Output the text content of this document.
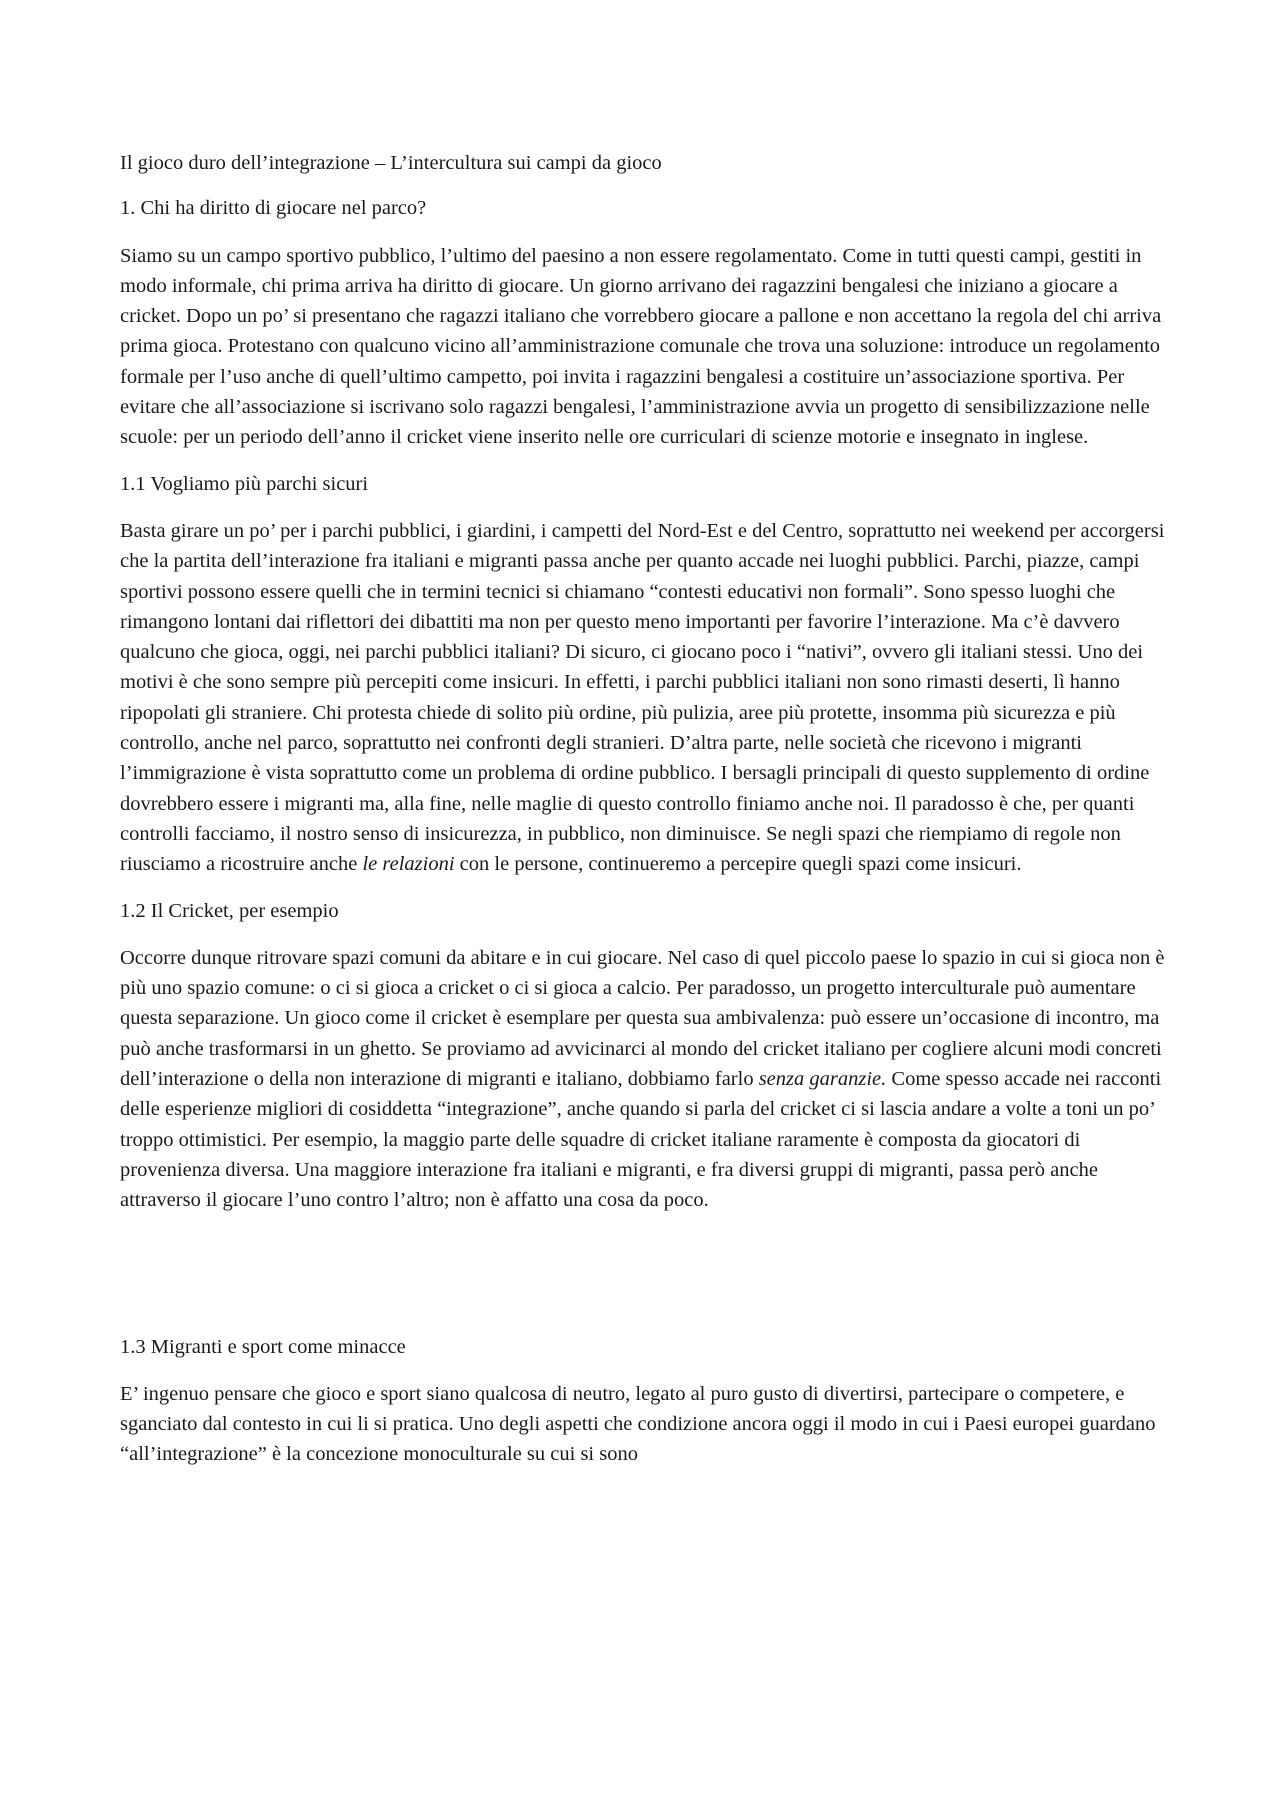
Il gioco duro dell’integrazione – L’intercultura sui campi da gioco

1. Chi ha diritto di giocare nel parco?

Siamo su un campo sportivo pubblico, l’ultimo del paesino a non essere regolamentato. Come in tutti questi campi, gestiti in modo informale, chi prima arriva ha diritto di giocare. Un giorno arrivano dei ragazzini bengalesi che iniziano a giocare a cricket. Dopo un po’ si presentano che ragazzi italiano che vorrebbero giocare a pallone e non accettano la regola del chi arriva prima gioca. Protestano con qualcuno vicino all’amministrazione comunale che trova una soluzione: introduce un regolamento formale per l’uso anche di quell’ultimo campetto, poi invita i ragazzini bengalesi a costituire un’associazione sportiva. Per evitare che all’associazione si iscrivano solo ragazzi bengalesi, l’amministrazione avvia un progetto di sensibilizzazione nelle scuole: per un periodo dell’anno il cricket viene inserito nelle ore curriculari di scienze motorie e insegnato in inglese.

1.1 Vogliamo più parchi sicuri

Basta girare un po’ per i parchi pubblici, i giardini, i campetti del Nord-Est e del Centro, soprattutto nei weekend per accorgersi che la partita dell’interazione fra italiani e migranti passa anche per quanto accade nei luoghi pubblici. Parchi, piazze, campi sportivi possono essere quelli che in termini tecnici si chiamano “contesti educativi non formali”. Sono spesso luoghi che rimangono lontani dai riflettori dei dibattiti ma non per questo meno importanti per favorire l’interazione. Ma c’è davvero qualcuno che gioca, oggi, nei parchi pubblici italiani? Di sicuro, ci giocano poco i “nativi”, ovvero gli italiani stessi. Uno dei motivi è che sono sempre più percepiti come insicuri. In effetti, i parchi pubblici italiani non sono rimasti deserti, lì hanno ripopolati gli straniere. Chi protesta chiede di solito più ordine, più pulizia, aree più protette, insomma più sicurezza e più controllo, anche nel parco, soprattutto nei confronti degli stranieri. D’altra parte, nelle società che ricevono i migranti l’immigrazione è vista soprattutto come un problema di ordine pubblico. I bersagli principali di questo supplemento di ordine dovrebbero essere i migranti ma, alla fine, nelle maglie di questo controllo finiamo anche noi. Il paradosso è che, per quanti controlli facciamo, il nostro senso di insicurezza, in pubblico, non diminuisce. Se negli spazi che riempiamo di regole non riusciamo a ricostruire anche le relazioni con le persone, continueremo a percepire quegli spazi come insicuri.

1.2 Il Cricket, per esempio

Occorre dunque ritrovare spazi comuni da abitare e in cui giocare. Nel caso di quel piccolo paese lo spazio in cui si gioca non è più uno spazio comune: o ci si gioca a cricket o ci si gioca a calcio. Per paradosso, un progetto interculturale può aumentare questa separazione. Un gioco come il cricket è esemplare per questa sua ambivalenza: può essere un’occasione di incontro, ma può anche trasformarsi in un ghetto. Se proviamo ad avvicinarci al mondo del cricket italiano per cogliere alcuni modi concreti dell’interazione o della non interazione di migranti e italiano, dobbiamo farlo senza garanzie. Come spesso accade nei racconti delle esperienze migliori di cosiddetta “integrazione”, anche quando si parla del cricket ci si lascia andare a volte a toni un po’ troppo ottimistici. Per esempio, la maggio parte delle squadre di cricket italiane raramente è composta da giocatori di provenienza diversa. Una maggiore interazione fra italiani e migranti, e fra diversi gruppi di migranti, passa però anche attraverso il giocare l’uno contro l’altro; non è affatto una cosa da poco.

1.3 Migranti e sport come minacce

E’ ingenuo pensare che gioco e sport siano qualcosa di neutro, legato al puro gusto di divertirsi, partecipare o competere, e sganciato dal contesto in cui li si pratica. Uno degli aspetti che condizione ancora oggi il modo in cui i Paesi europei guardano “all’integrazione” è la concezione monoculturale su cui si sono
